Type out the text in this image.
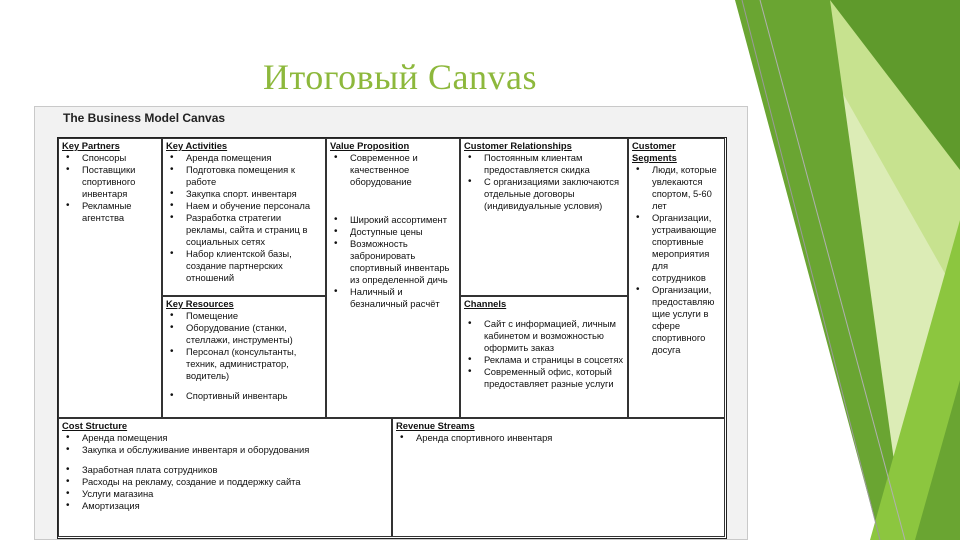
Итоговый Canvas
The Business Model Canvas
Key Partners
• Спонсоры
• Поставщики спортивного инвентаря
• Рекламные агентства
Key Activities
• Аренда помещения
• Подготовка помещения к работе
• Закупка спорт. инвентаря
• Наем и обучение персонала
• Разработка стратегии рекламы, сайта и страниц в социальных сетях
• Набор клиентской базы, создание партнерских отношений
Key Resources
• Помещение
• Оборудование (станки, стеллажи, инструменты)
• Персонал (консультанты, техник, администратор, водитель)
• Спортивный инвентарь
Value Proposition
• Современное и качественное оборудование
• Широкий ассортимент
• Доступные цены
• Возможность забронировать спортивный инвентарь из определенной дичь
• Наличный и безналичный расчёт
Customer Relationships
• Постоянным клиентам предоставляется скидка
• С организациями заключаются отдельные договоры (индивидуальные условия)
Channels
• Сайт с информацией, личным кабинетом и возможностью оформить заказ
• Реклама и страницы в соцсетях
• Современный офис, который предоставляет разные услуги
Customer Segments
• Люди, которые увлекаются спортом, 5-60 лет
• Организации, устраивающие спортивные мероприятия для сотрудников
• Организации, предоставляю щие услуги в сфере спортивного досуга
Cost Structure
• Аренда помещения
• Закупка и обслуживание инвентаря и оборудования
• Заработная плата сотрудников
• Расходы на рекламу, создание и поддержку сайта
• Услуги магазина
• Амортизация
Revenue Streams
• Аренда спортивного инвентаря
